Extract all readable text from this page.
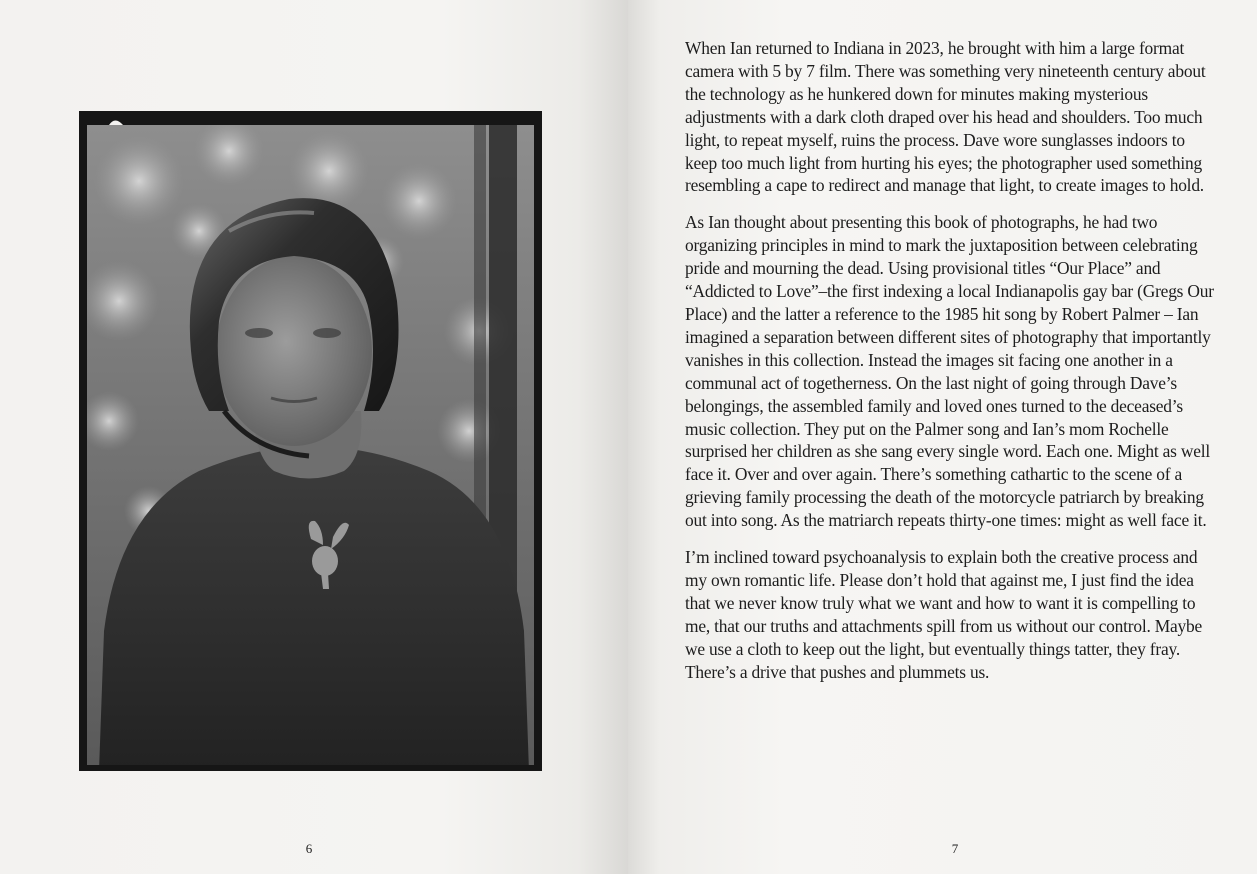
6

When Ian returned to Indiana in 2023, he brought with him a large format camera with 5 by 7 film. There was something very nineteenth century about the technology as he hunkered down for minutes making mysterious adjustments with a dark cloth draped over his head and shoulders. Too much light, to repeat myself, ruins the process. Dave wore sunglasses indoors to keep too much light from hurting his eyes; the photographer used something resembling a cape to redirect and manage that light, to create images to hold.

As Ian thought about presenting this book of photographs, he had two organizing principles in mind to mark the juxtaposition between celebrating pride and mourning the dead. Using provisional titles “Our Place” and “Addicted to Love”–the first indexing a local Indianapolis gay bar (Gregs Our Place) and the latter a reference to the 1985 hit song by Robert Palmer – Ian imagined a separation between different sites of photography that importantly vanishes in this collection. Instead the images sit facing one another in a communal act of togetherness. On the last night of going through Dave’s belongings, the assembled family and loved ones turned to the deceased’s music collection. They put on the Palmer song and Ian’s mom Rochelle surprised her children as she sang every single word. Each one. Might as well face it. Over and over again. There’s something cathartic to the scene of a grieving family processing the death of the motorcycle patriarch by breaking out into song. As the matriarch repeats thirty-one times: might as well face it.

I’m inclined toward psychoanalysis to explain both the creative process and my own romantic life. Please don’t hold that against me, I just find the idea that we never know truly what we want and how to want it is compelling to me, that our truths and attachments spill from us without our control. Maybe we use a cloth to keep out the light, but eventually things tatter, they fray. There’s a drive that pushes and plummets us.

7
